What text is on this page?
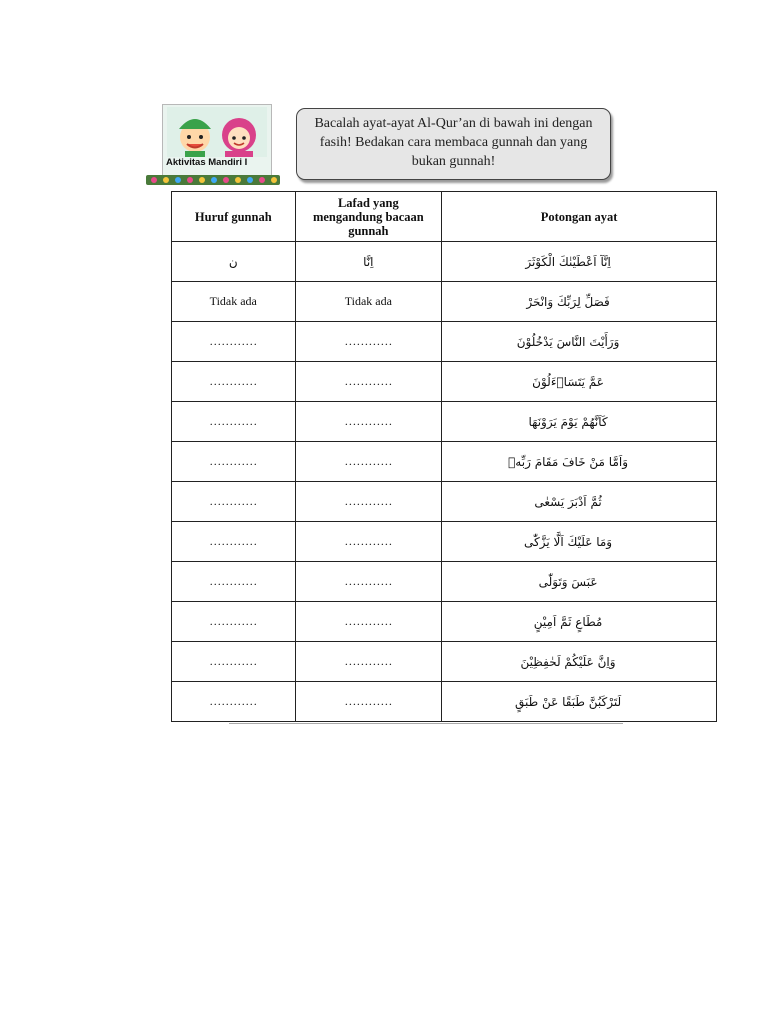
Aktivitas Mandiri I
Bacalah ayat-ayat Al-Qur’an di bawah ini dengan
fasih! Bedakan cara membaca gunnah dan yang
bukan gunnah!
Huruf gunnah	Lafad yang
mengandung bacaan
gunnah	Potongan ayat
ن	اِنَّا	اِنَّآ اَعْطَيْنٰكَ الْكَوْثَرَ
Tidak ada	Tidak ada	فَصَلِّ لِرَبِّكَ وَانْحَرْ
…………	…………	وَرَأَيْتَ النَّاسَ يَدْخُلُوْنَ
…………	…………	عَمَّ يَتَسَاۤءَلُوْنَ
…………	…………	كَاَنَّهُمْ يَوْمَ يَرَوْنَهَا
…………	…………	وَاَمَّا مَنْ خَافَ مَقَامَ رَبِّهٖ
…………	…………	ثُمَّ اَدْبَرَ يَسْعٰى
…………	…………	وَمَا عَلَيْكَ اَلَّا يَزَّكّٰى
…………	…………	عَبَسَ وَتَوَلّٰى
…………	…………	مُطَاعٍ ثَمَّ اَمِيْنٍ
…………	…………	وَاِنَّ عَلَيْكُمْ لَحٰفِظِيْنَ
…………	…………	لَتَرْكَبُنَّ طَبَقًا عَنْ طَبَقٍ
